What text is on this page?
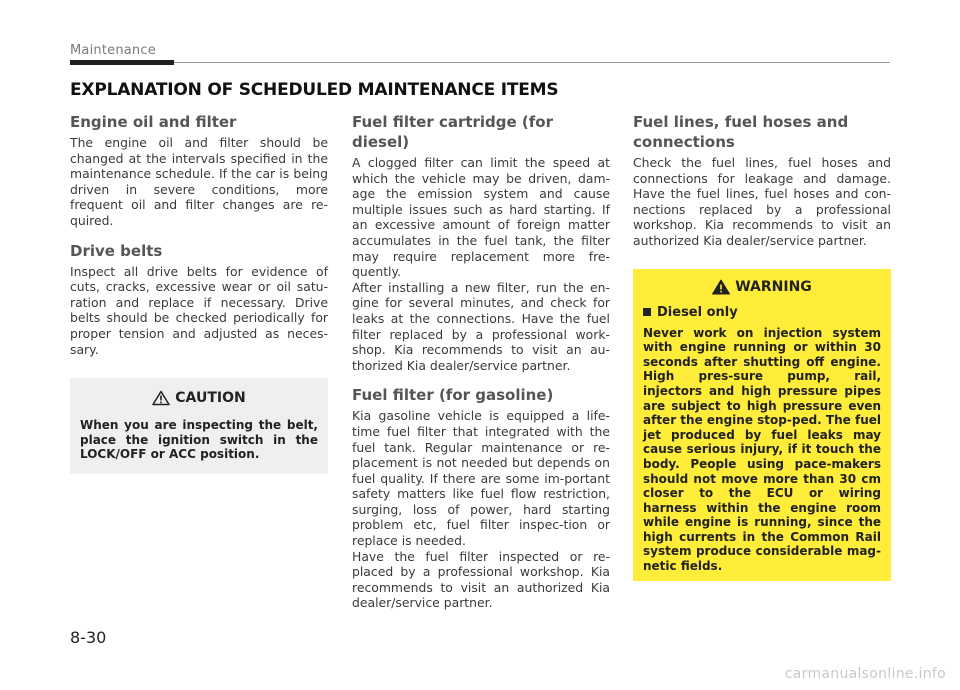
Maintenance
EXPLANATION OF SCHEDULED MAINTENANCE ITEMS
Engine oil and filter

The engine oil and filter should be changed at the intervals specified in the maintenance schedule. If the car is being driven in severe conditions, more frequent oil and filter changes are re-quired.

Drive belts

Inspect all drive belts for evidence of cuts, cracks, excessive wear or oil satu-ration and replace if necessary. Drive belts should be checked periodically for proper tension and adjusted as neces-sary.

CAUTION

When you are inspecting the belt, place the ignition switch in the LOCK/OFF or ACC position.

Fuel filter cartridge (for diesel)

A clogged filter can limit the speed at which the vehicle may be driven, dam-age the emission system and cause multiple issues such as hard starting. If an excessive amount of foreign matter accumulates in the fuel tank, the filter may require replacement more fre-quently.

After installing a new filter, run the en-gine for several minutes, and check for leaks at the connections. Have the fuel filter replaced by a professional work-shop. Kia recommends to visit an au-thorized Kia dealer/service partner.

Fuel filter (for gasoline)

Kia gasoline vehicle is equipped a life-time fuel filter that integrated with the fuel tank. Regular maintenance or re-placement is not needed but depends on fuel quality. If there are some im-portant safety matters like fuel flow restriction, surging, loss of power, hard starting problem etc, fuel filter inspec-tion or replace is needed.

Have the fuel filter inspected or re-placed by a professional workshop. Kia recommends to visit an authorized Kia dealer/service partner.

Fuel lines, fuel hoses and
connections

Check the fuel lines, fuel hoses and connections for leakage and damage. Have the fuel lines, fuel hoses and con-nections replaced by a professional workshop. Kia recommends to visit an authorized Kia dealer/service partner.

WARNING
Diesel only

Never work on injection system with engine running or within 30 seconds after shutting off engine. High pres-sure pump, rail, injectors and high pressure pipes are subject to high pressure even after the engine stop-ped. The fuel jet produced by fuel leaks may cause serious injury, if it touch the body. People using pace-makers should not move more than 30 cm closer to the ECU or wiring harness within the engine room while engine is running, since the high currents in the Common Rail system produce considerable mag-netic fields.

8-30
carmanualsonline.info
